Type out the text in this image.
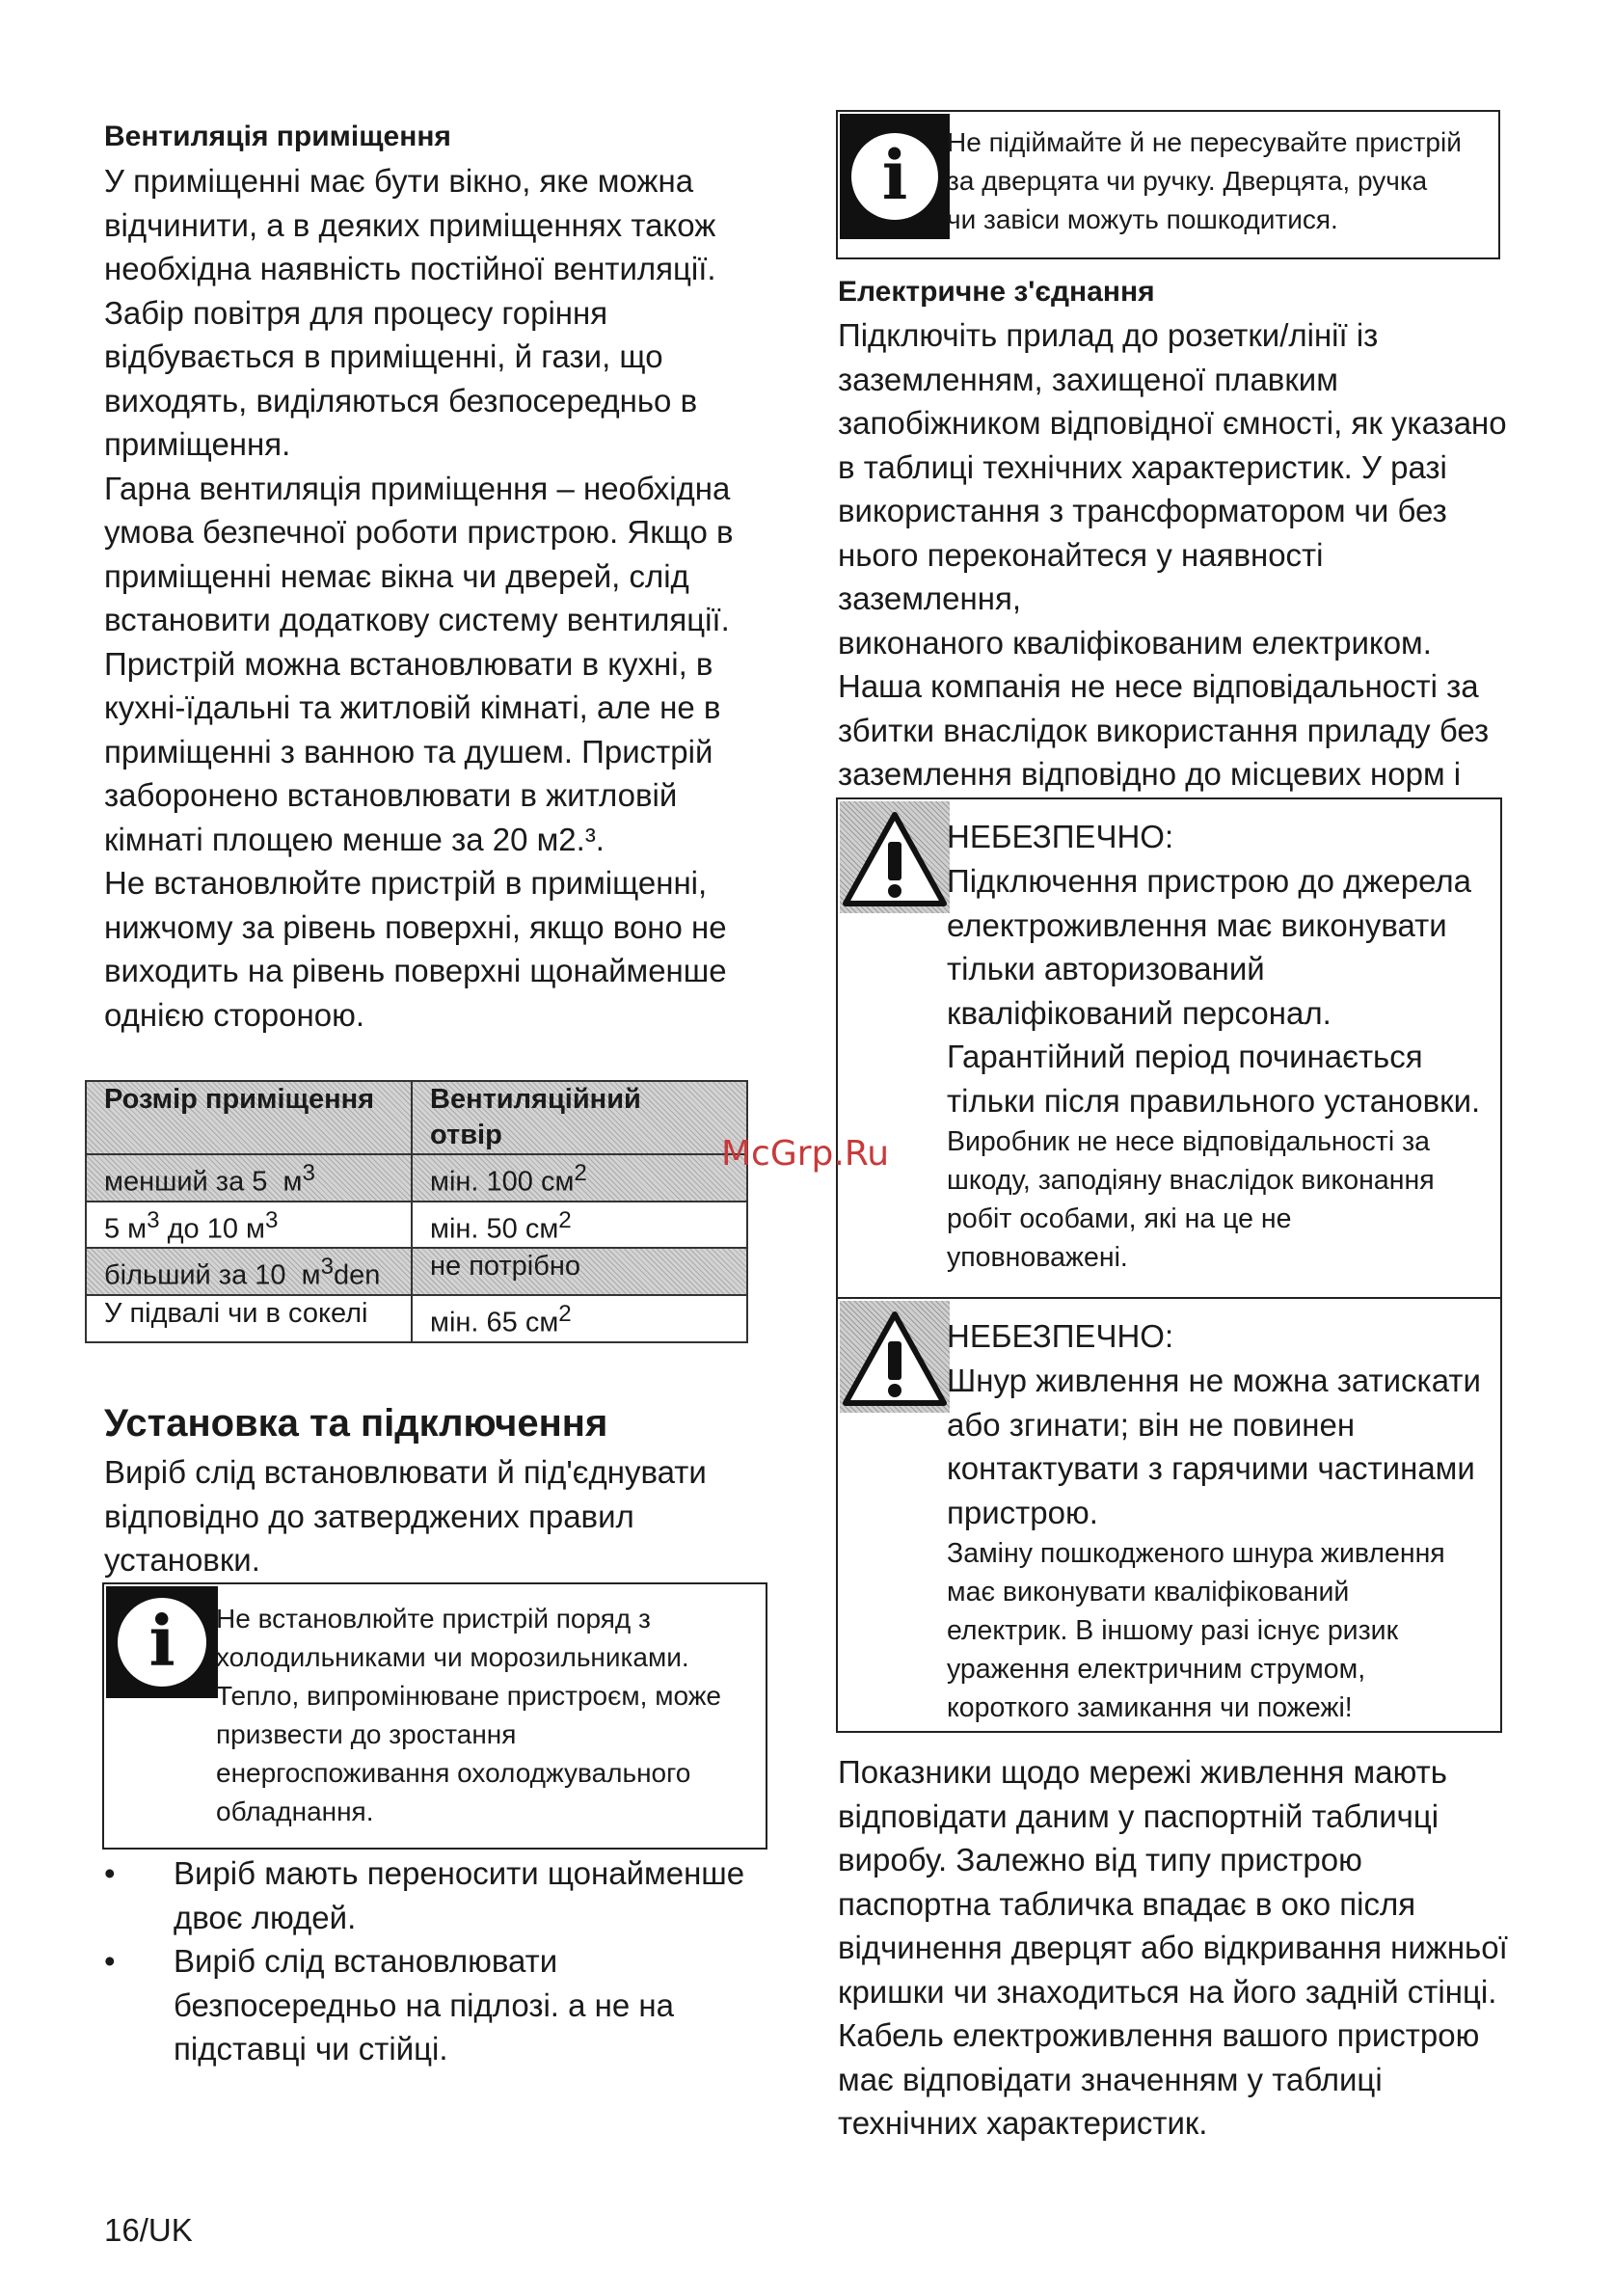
Вентиляція приміщення

У приміщенні має бути вікно, яке можна
відчинити, а в деяких приміщеннях також
необхідна наявність постійної вентиляції.
Забір повітря для процесу горіння
відбувається в приміщенні, й гази, що
виходять, виділяються безпосередньо в
приміщення.
Гарна вентиляція приміщення – необхідна
умова безпечної роботи пристрою. Якщо в
приміщенні немає вікна чи дверей, слід
встановити додаткову систему вентиляції.
Пристрій можна встановлювати в кухні, в
кухні-їдальні та житловій кімнаті, але не в
приміщенні з ванною та душем. Пристрій
заборонено встановлювати в житловій
кімнаті площею менше за 20 м2.³.
Не встановлюйте пристрій в приміщенні,
нижчому за рівень поверхні, якщо воно не
виходить на рівень поверхні щонайменше
однією стороною.
Розмір приміщення	Вентиляційний
отвір
менший за 5  $м^3$	мін. 100 $см^2$
5 $м^3$ до 10 $м^3$	мін. 50 $см^2$
більший за 10  $м^3den$	не потрібно
У підвалі чи в сокелі	мін. 65 $см^2$

Установка та підключення

Виріб слід встановлювати й під'єднувати
відповідно до затверджених правил
установки.
i	Не встановлюйте пристрій поряд з
холодильниками чи морозильниками.
Тепло, випромінюване пристроєм, може
призвести до зростання
енергоспоживання охолоджувального
обладнання.
• Виріб мають переносити щонайменше
двоє людей.
• Виріб слід встановлювати
безпосередньо на підлозі. а не на
підставці чи стійці.
16/UK
i	Не підіймайте й не пересувайте пристрій
за дверцята чи ручку. Дверцята, ручка
чи завіси можуть пошкодитися.

Електричне з'єднання

Підключіть прилад до розетки/лінії із
заземленням, захищеної плавким
запобіжником відповідної ємності, як указано
в таблиці технічних характеристик. У разі
використання з трансформатором чи без
нього переконайтеся у наявності заземлення,
виконаного кваліфікованим електриком.
Наша компанія не несе відповідальності за
збитки внаслідок використання приладу без
заземлення відповідно до місцевих норм і
НЕБЕЗПЕЧНО:
Підключення пристрою до джерела
електроживлення має виконувати
тільки авторизований
кваліфікований персонал.
Гарантійний період починається
тільки після правильного установки.
Виробник не несе відповідальності за
шкоду, заподіяну внаслідок виконання
робіт особами, які на це не
уповноважені.
НЕБЕЗПЕЧНО:
Шнур живлення не можна затискати
або згинати; він не повинен
контактувати з гарячими частинами
пристрою.
Заміну пошкодженого шнура живлення
має виконувати кваліфікований
електрик. В іншому разі існує ризик
ураження електричним струмом,
короткого замикання чи пожежі!
Показники щодо мережі живлення мають
відповідати даним у паспортній табличці
виробу. Залежно від типу пристрою
паспортна табличка впадає в око після
відчинення дверцят або відкривання нижньої
кришки чи знаходиться на його задній стінці.
Кабель електроживлення вашого пристрою
має відповідати значенням у таблиці
технічних характеристик.
McGrp.Ru
